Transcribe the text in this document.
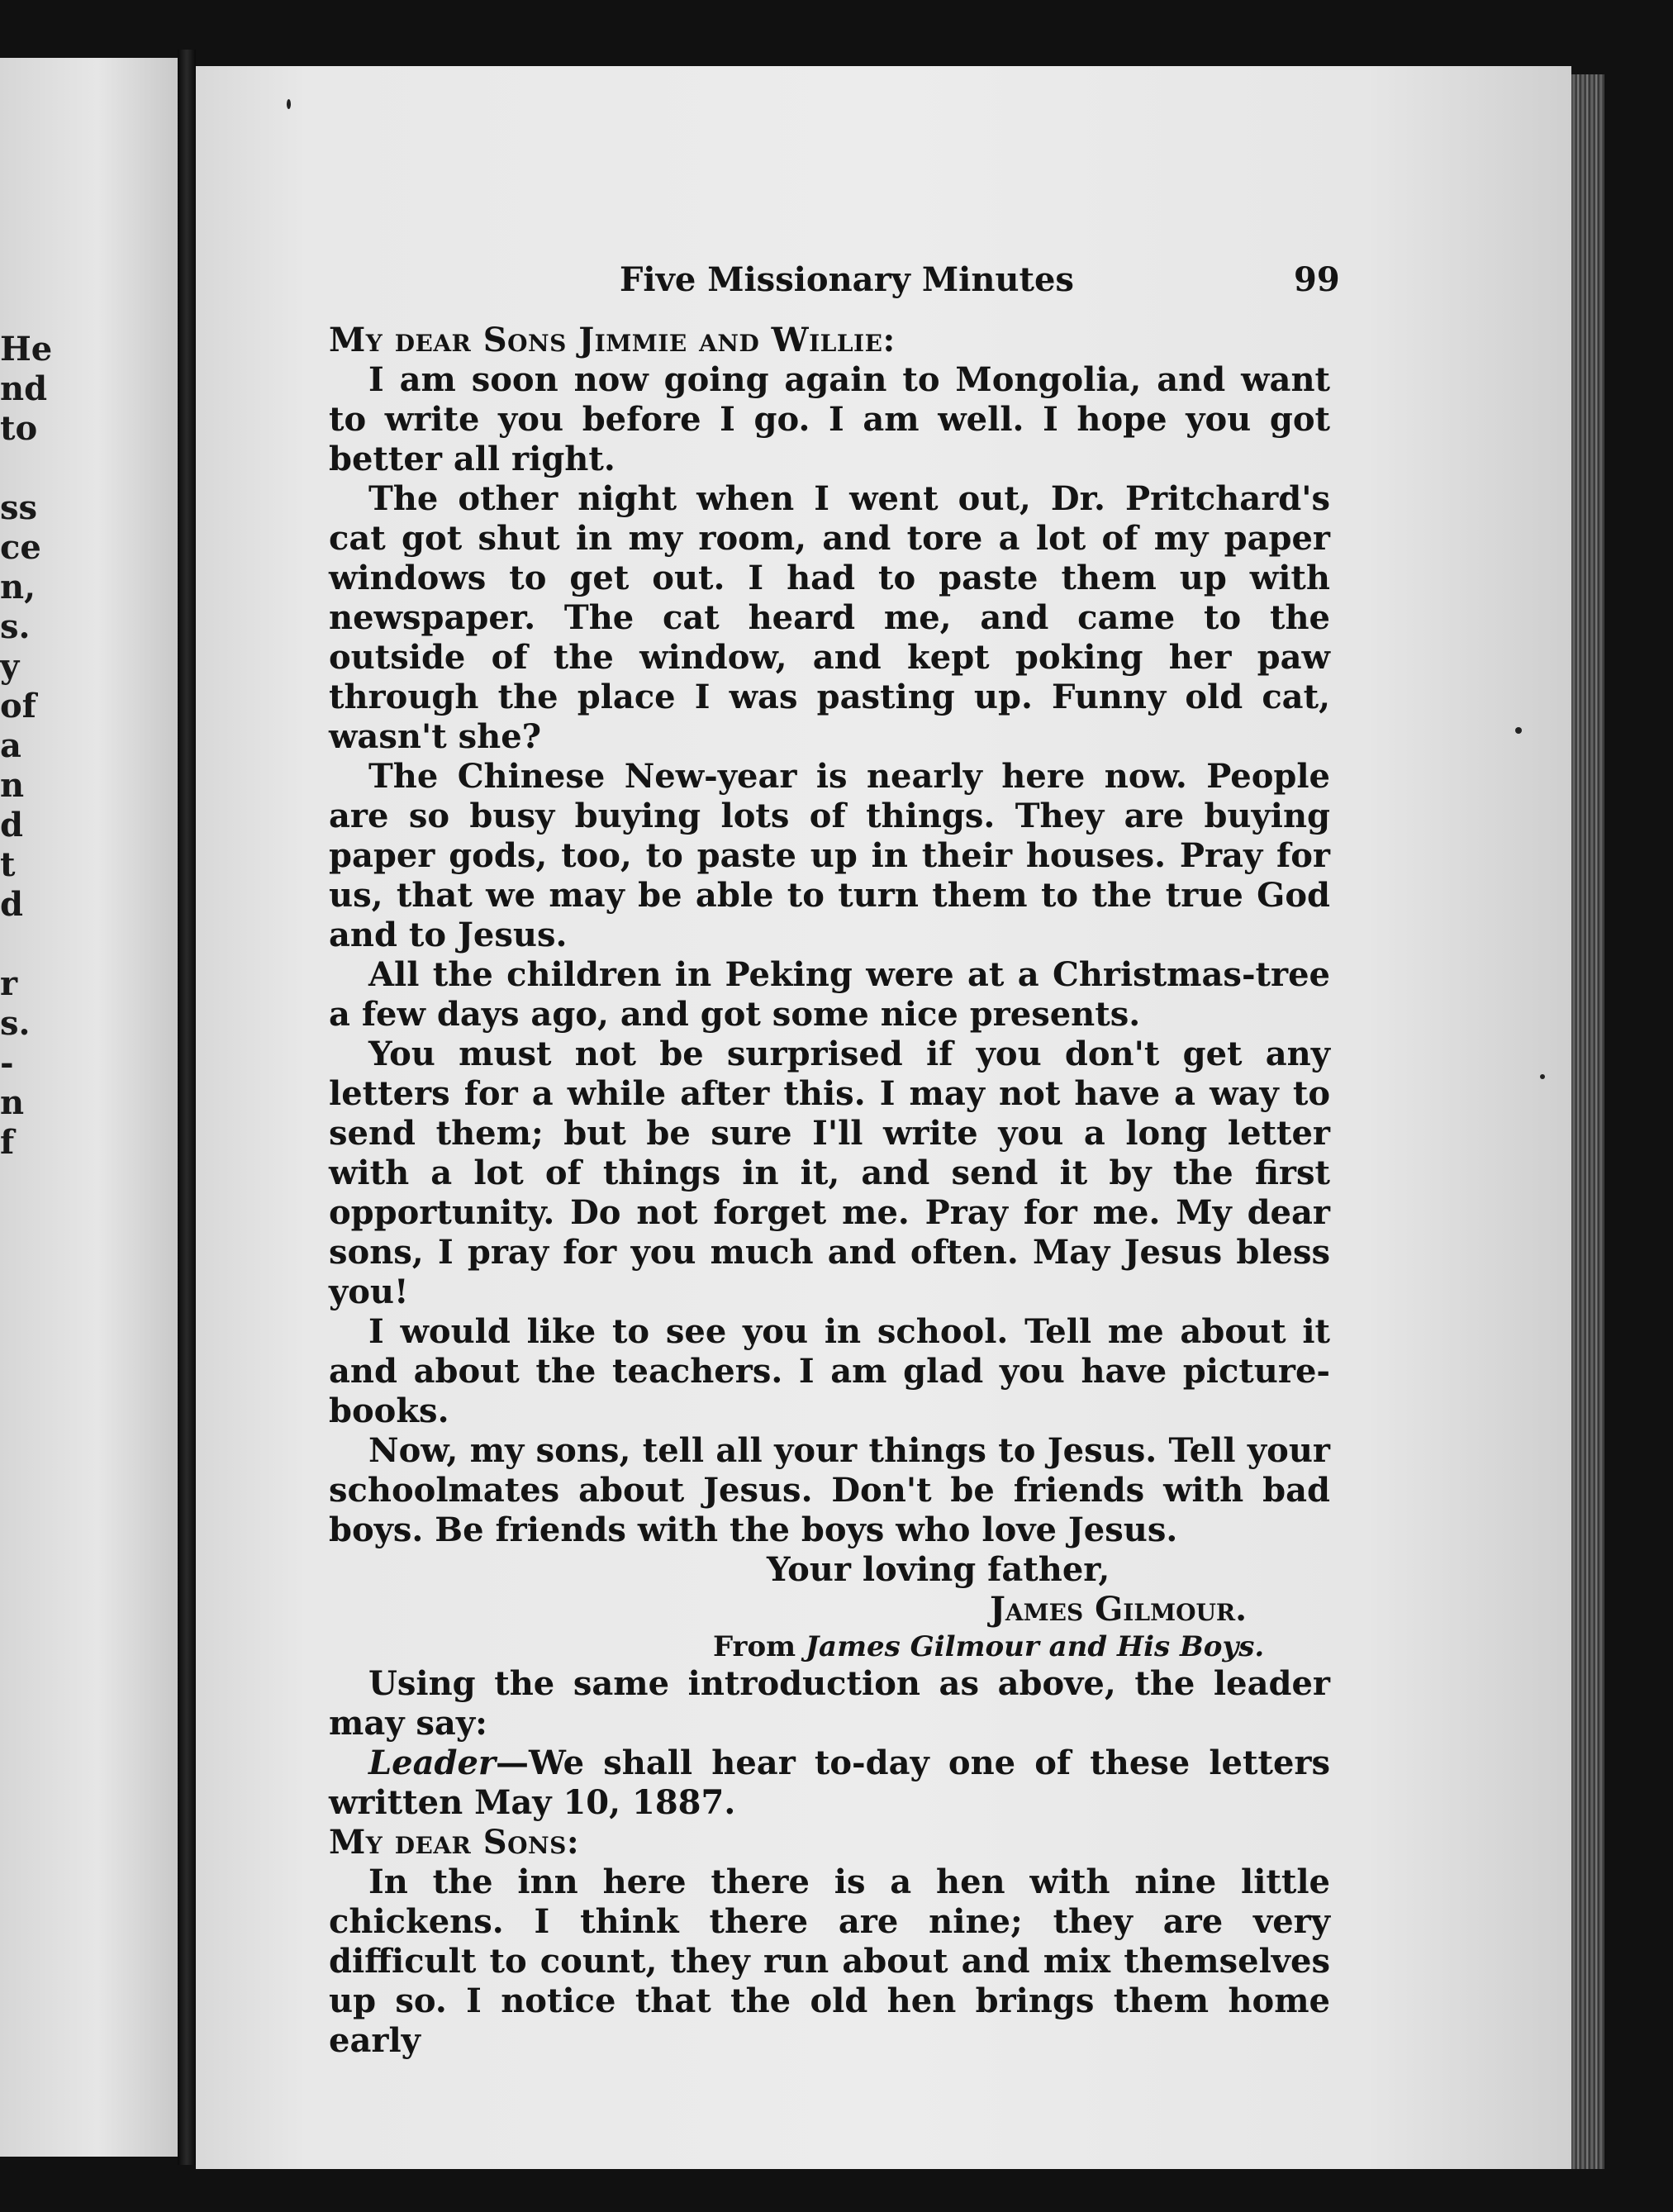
He
nd
to
ss
ce
n,
s.
y
of
a
n
d
t
d
r
s.
-
n
f
Five Missionary Minutes	99

My dear Sons Jimmie and Willie:

I am soon now going again to Mongolia, and want to write you before I go. I am well. I hope you got better all right.

The other night when I went out, Dr. Pritchard's cat got shut in my room, and tore a lot of my paper windows to get out. I had to paste them up with newspaper. The cat heard me, and came to the outside of the window, and kept poking her paw through the place I was pasting up. Funny old cat, wasn't she?

The Chinese New-year is nearly here now. People are so busy buying lots of things. They are buying paper gods, too, to paste up in their houses. Pray for us, that we may be able to turn them to the true God and to Jesus.

All the children in Peking were at a Christmas-tree a few days ago, and got some nice presents.

You must not be surprised if you don't get any letters for a while after this. I may not have a way to send them; but be sure I'll write you a long letter with a lot of things in it, and send it by the first opportunity. Do not forget me. Pray for me. My dear sons, I pray for you much and often. May Jesus bless you!

I would like to see you in school. Tell me about it and about the teachers. I am glad you have picture-books.

Now, my sons, tell all your things to Jesus. Tell your schoolmates about Jesus. Don't be friends with bad boys. Be friends with the boys who love Jesus.

Your loving father,

James Gilmour.

From James Gilmour and His Boys.

Using the same introduction as above, the leader may say:

Leader—We shall hear to-day one of these letters written May 10, 1887.

My dear Sons:

In the inn here there is a hen with nine little chickens. I think there are nine; they are very difficult to count, they run about and mix themselves up so. I notice that the old hen brings them home early
